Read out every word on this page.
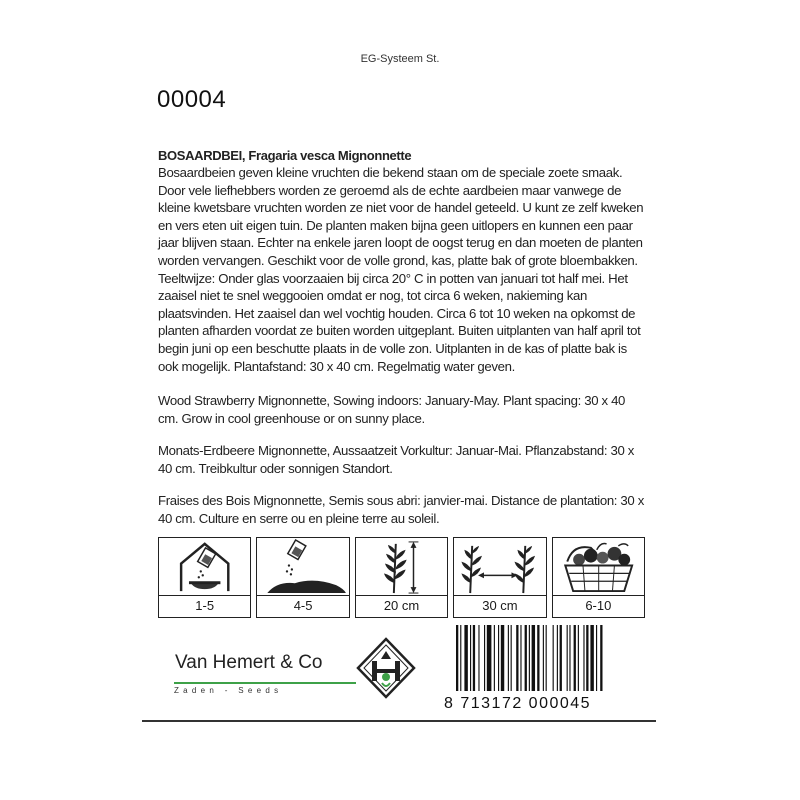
EG-Systeem St.
00004
BOSAARDBEI, Fragaria vesca Mignonnette
Bosaardbeien geven kleine vruchten die bekend staan om de speciale zoete smaak. Door vele liefhebbers worden ze geroemd als de echte aardbeien maar vanwege de kleine kwetsbare vruchten worden ze niet voor de handel geteeld. U kunt ze zelf kweken en vers eten uit eigen tuin. De planten maken bijna geen uitlopers en kunnen een paar jaar blijven staan. Echter na enkele jaren loopt de oogst terug en dan moeten de planten worden vervangen. Geschikt voor de volle grond, kas, platte bak of grote bloembakken. Teeltwijze: Onder glas voorzaaien bij circa 20° C in potten van januari tot half mei. Het zaaisel niet te snel weggooien omdat er nog, tot circa 6 weken, nakieming kan plaatsvinden. Het zaaisel dan wel vochtig houden. Circa 6 tot 10 weken na opkomst de planten afharden voordat ze buiten worden uitgeplant. Buiten uitplanten van half april tot begin juni op een beschutte plaats in de volle zon. Uitplanten in de kas of platte bak is ook mogelijk. Plantafstand: 30 x 40 cm. Regelmatig water geven.
Wood Strawberry Mignonnette, Sowing indoors: January-May. Plant spacing: 30 x 40 cm. Grow in cool greenhouse or on sunny place.
Monats-Erdbeere Mignonnette, Aussaatzeit Vorkultur: Januar-Mai. Pflanzabstand: 30 x 40 cm. Treibkultur oder sonnigen Standort.
Fraises des Bois Mignonnette, Semis sous abri: janvier-mai. Distance de plantation: 30 x 40 cm. Culture en serre ou en pleine terre au soleil.
1-5	4-5	20 cm	30 cm	6-10
Van Hemert & Co
Zaden - Seeds
8 713172 000045
